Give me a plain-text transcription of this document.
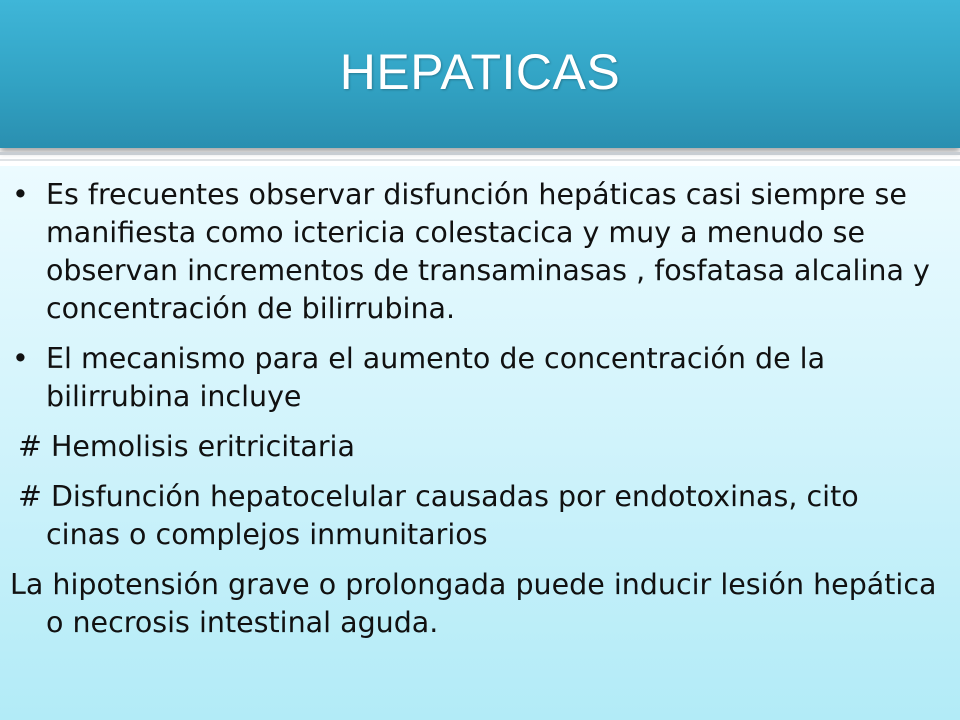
HEPATICAS

• Es frecuentes observar disfunción hepáticas casi siempre se manifiesta como ictericia colestacica y muy a menudo se observan incrementos de transaminasas , fosfatasa alcalina y concentración de bilirrubina.

• El mecanismo para el aumento de concentración de la bilirrubina incluye

# Hemolisis eritricitaria

# Disfunción hepatocelular causadas por endotoxinas, cito cinas o complejos inmunitarios

La hipotensión grave o prolongada puede inducir lesión hepática o necrosis intestinal aguda.
